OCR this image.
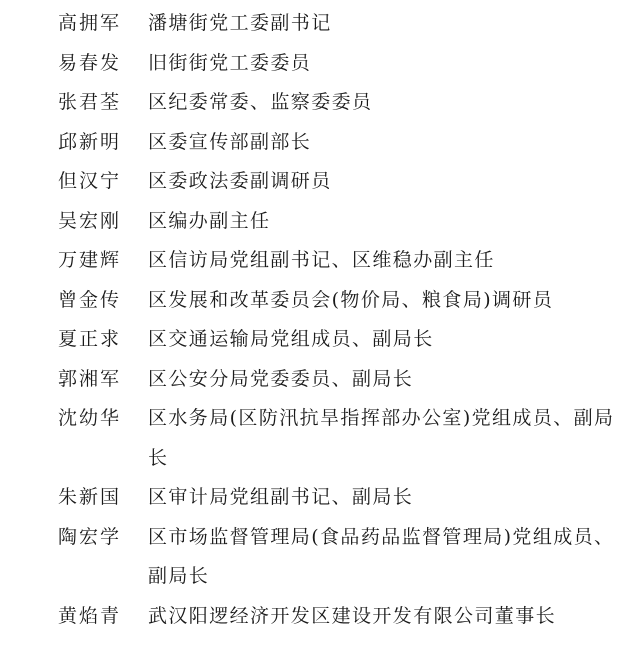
高拥军	潘塘街党工委副书记
易春发	旧街街党工委委员
张君荃	区纪委常委、监察委委员
邱新明	区委宣传部副部长
但汉宁	区委政法委副调研员
吴宏刚	区编办副主任
万建辉	区信访局党组副书记、区维稳办副主任
曾金传	区发展和改革委员会(物价局、粮食局)调研员
夏正求	区交通运输局党组成员、副局长
郭湘军	区公安分局党委委员、副局长
沈幼华	区水务局(区防汛抗旱指挥部办公室)党组成员、副局长
朱新国	区审计局党组副书记、副局长
陶宏学	区市场监督管理局(食品药品监督管理局)党组成员、副局长
黄焰青	武汉阳逻经济开发区建设开发有限公司董事长
